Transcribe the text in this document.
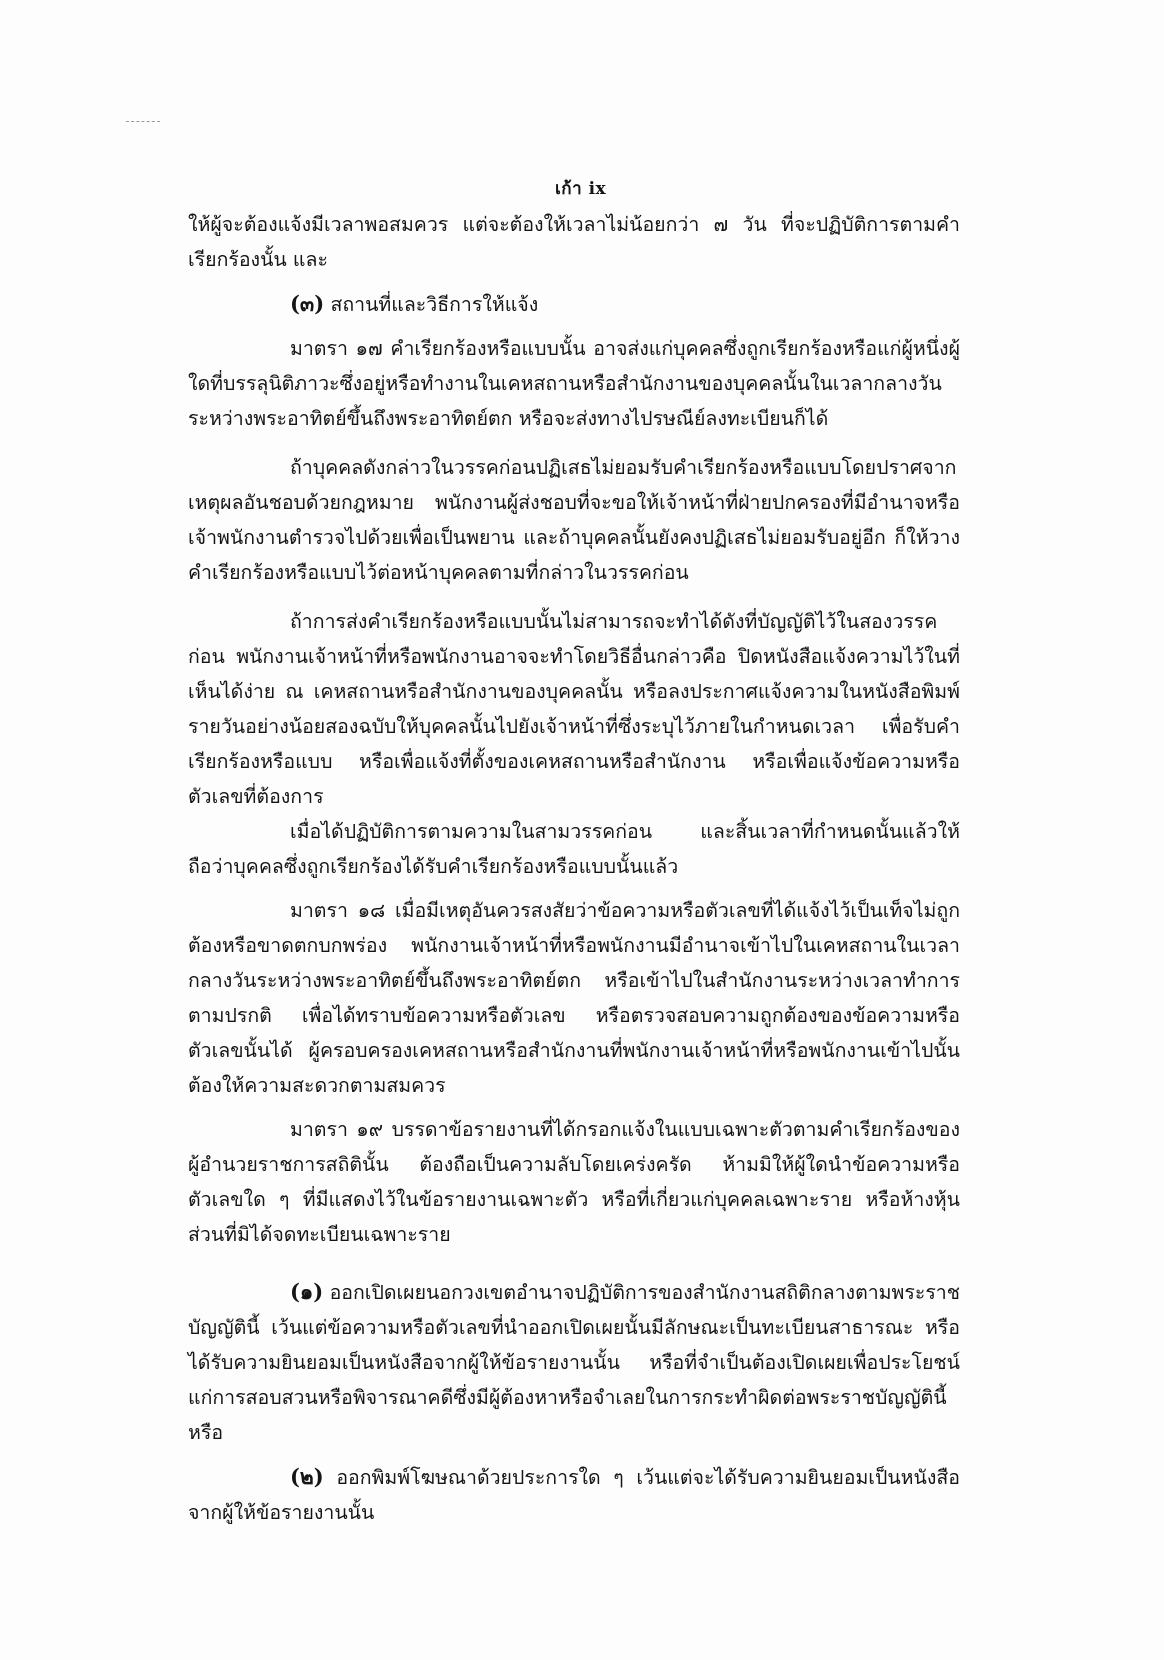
เก้า ix

ให้ผู้จะต้องแจ้งมีเวลาพอสมควร แต่จะต้องให้เวลาไม่น้อยกว่า ๗ วัน ที่จะปฏิบัติการตามคำเรียกร้องนั้น และ

(๓) สถานที่และวิธีการให้แจ้ง

มาตรา ๑๗ คำเรียกร้องหรือแบบนั้น อาจส่งแก่บุคคลซึ่งถูกเรียกร้องหรือแก่ผู้หนึ่งผู้ใดที่บรรลุนิติภาวะซึ่งอยู่หรือทำงานในเคหสถานหรือสำนักงานของบุคคลนั้นในเวลากลางวันระหว่างพระอาทิตย์ขึ้นถึงพระอาทิตย์ตก หรือจะส่งทางไปรษณีย์ลงทะเบียนก็ได้

ถ้าบุคคลดังกล่าวในวรรคก่อนปฏิเสธไม่ยอมรับคำเรียกร้องหรือแบบโดยปราศจากเหตุผลอันชอบด้วยกฎหมาย พนักงานผู้ส่งชอบที่จะขอให้เจ้าหน้าที่ฝ่ายปกครองที่มีอำนาจหรือเจ้าพนักงานตำรวจไปด้วยเพื่อเป็นพยาน และถ้าบุคคลนั้นยังคงปฏิเสธไม่ยอมรับอยู่อีก ก็ให้วางคำเรียกร้องหรือแบบไว้ต่อหน้าบุคคลตามที่กล่าวในวรรคก่อน

ถ้าการส่งคำเรียกร้องหรือแบบนั้นไม่สามารถจะทำได้ดังที่บัญญัติไว้ในสองวรรคก่อน พนักงานเจ้าหน้าที่หรือพนักงานอาจจะทำโดยวิธีอื่นกล่าวคือ ปิดหนังสือแจ้งความไว้ในที่เห็นได้ง่าย ณ เคหสถานหรือสำนักงานของบุคคลนั้น หรือลงประกาศแจ้งความในหนังสือพิมพ์รายวันอย่างน้อยสองฉบับให้บุคคลนั้นไปยังเจ้าหน้าที่ซึ่งระบุไว้ภายในกำหนดเวลา เพื่อรับคำเรียกร้องหรือแบบ หรือเพื่อแจ้งที่ตั้งของเคหสถานหรือสำนักงาน หรือเพื่อแจ้งข้อความหรือตัวเลขที่ต้องการ

เมื่อได้ปฏิบัติการตามความในสามวรรคก่อน และสิ้นเวลาที่กำหนดนั้นแล้วให้ถือว่าบุคคลซึ่งถูกเรียกร้องได้รับคำเรียกร้องหรือแบบนั้นแล้ว

มาตรา ๑๘ เมื่อมีเหตุอันควรสงสัยว่าข้อความหรือตัวเลขที่ได้แจ้งไว้เป็นเท็จไม่ถูกต้องหรือขาดตกบกพร่อง พนักงานเจ้าหน้าที่หรือพนักงานมีอำนาจเข้าไปในเคหสถานในเวลากลางวันระหว่างพระอาทิตย์ขึ้นถึงพระอาทิตย์ตก หรือเข้าไปในสำนักงานระหว่างเวลาทำการตามปรกติ เพื่อได้ทราบข้อความหรือตัวเลข หรือตรวจสอบความถูกต้องของข้อความหรือตัวเลขนั้นได้ ผู้ครอบครองเคหสถานหรือสำนักงานที่พนักงานเจ้าหน้าที่หรือพนักงานเข้าไปนั้นต้องให้ความสะดวกตามสมควร

มาตรา ๑๙ บรรดาข้อรายงานที่ได้กรอกแจ้งในแบบเฉพาะตัวตามคำเรียกร้องของผู้อำนวยราชการสถิตินั้น ต้องถือเป็นความลับโดยเคร่งครัด ห้ามมิให้ผู้ใดนำข้อความหรือตัวเลขใด ๆ ที่มีแสดงไว้ในข้อรายงานเฉพาะตัว หรือที่เกี่ยวแก่บุคคลเฉพาะราย หรือห้างหุ้นส่วนที่มิได้จดทะเบียนเฉพาะราย

(๑) ออกเปิดเผยนอกวงเขตอำนาจปฏิบัติการของสำนักงานสถิติกลางตามพระราชบัญญัตินี้ เว้นแต่ข้อความหรือตัวเลขที่นำออกเปิดเผยนั้นมีลักษณะเป็นทะเบียนสาธารณะ หรือได้รับความยินยอมเป็นหนังสือจากผู้ให้ข้อรายงานนั้น หรือที่จำเป็นต้องเปิดเผยเพื่อประโยชน์แก่การสอบสวนหรือพิจารณาคดีซึ่งมีผู้ต้องหาหรือจำเลยในการกระทำผิดต่อพระราชบัญญัตินี้ หรือ

(๒) ออกพิมพ์โฆษณาด้วยประการใด ๆ เว้นแต่จะได้รับความยินยอมเป็นหนังสือจากผู้ให้ข้อรายงานนั้น
